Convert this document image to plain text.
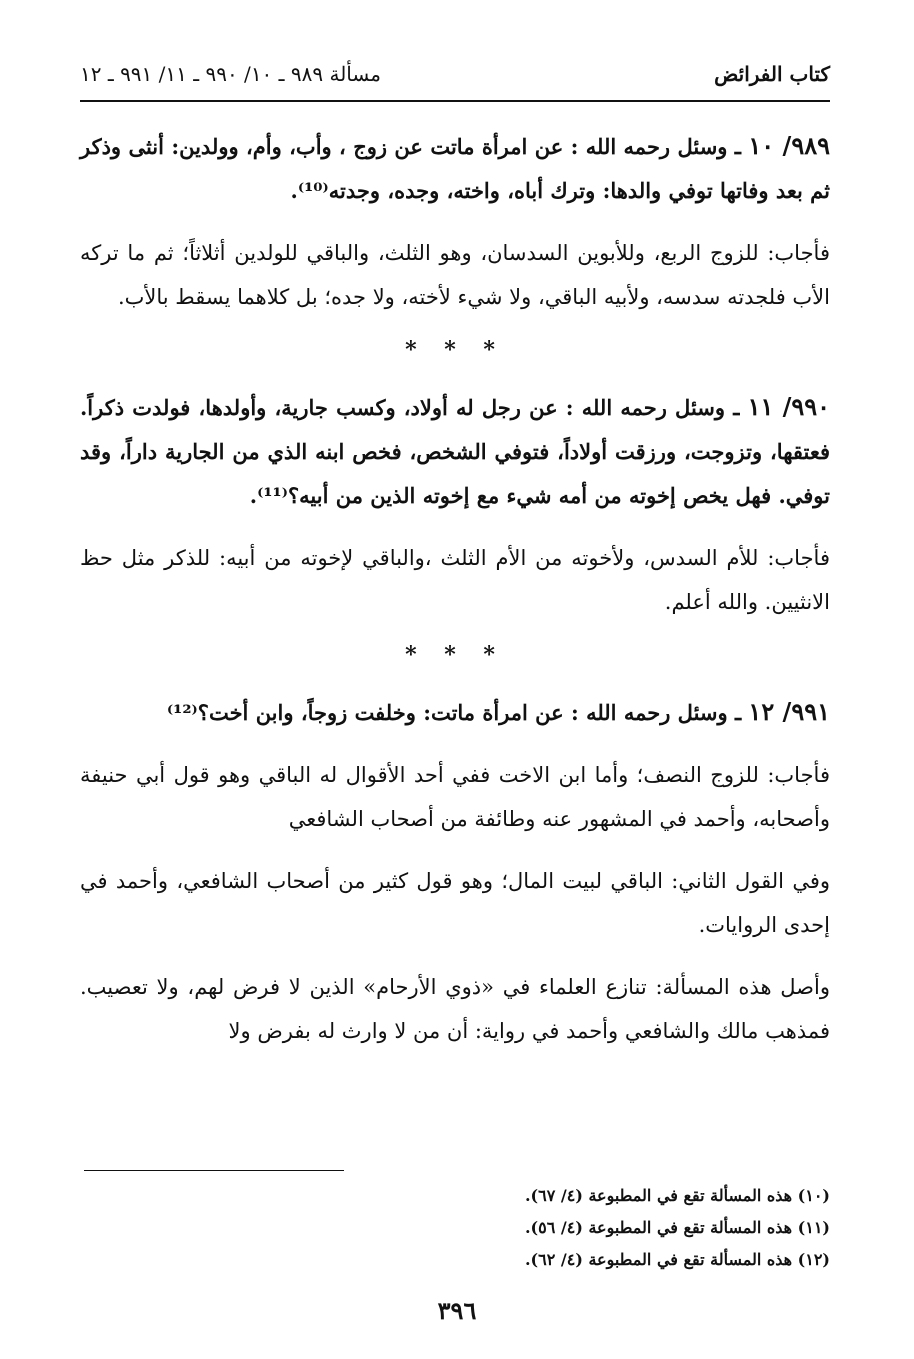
كتاب الفرائض
مسألة ٩٨٩ ـ ١٠/ ٩٩٠ ـ ١١/ ٩٩١ ـ ١٢

٩٨٩/ ١٠ ـ وسئل رحمه الله : عن امرأة ماتت عن زوج ، وأب، وأم، وولدين: أنثى وذكر ثم بعد وفاتها توفي والدها: وترك أباه، واخته، وجده، وجدته⁽¹⁰⁾.

فأجاب: للزوج الربع، وللأبوين السدسان، وهو الثلث، والباقي للولدين أثلاثاً؛ ثم ما تركه الأب فلجدته سدسه، ولأبيه الباقي، ولا شيء لأخته، ولا جده؛ بل كلاهما يسقط بالأب.

* * *

٩٩٠/ ١١ ـ وسئل رحمه الله : عن رجل له أولاد، وكسب جارية، وأولدها، فولدت ذكراً. فعتقها، وتزوجت، ورزقت أولاداً، فتوفي الشخص، فخص ابنه الذي من الجارية داراً، وقد توفي. فهل يخص إخوته من أمه شيء مع إخوته الذين من أبيه؟⁽¹¹⁾.

فأجاب: للأم السدس، ولأخوته من الأم الثلث ،والباقي لإخوته من أبيه: للذكر مثل حظ الانثيين. والله أعلم.

* * *

٩٩١/ ١٢ ـ وسئل رحمه الله : عن امرأة ماتت: وخلفت زوجاً، وابن أخت؟⁽¹²⁾

فأجاب: للزوج النصف؛ وأما ابن الاخت ففي أحد الأقوال له الباقي وهو قول أبي حنيفة وأصحابه، وأحمد في المشهور عنه وطائفة من أصحاب الشافعي

وفي القول الثاني: الباقي لبيت المال؛ وهو قول كثير من أصحاب الشافعي، وأحمد في إحدى الروايات.

وأصل هذه المسألة: تنازع العلماء في «ذوي الأرحام» الذين لا فرض لهم، ولا تعصيب. فمذهب مالك والشافعي وأحمد في رواية: أن من لا وارث له بفرض ولا

(١٠) هذه المسألة تقع في المطبوعة (٤/ ٦٧).
(١١) هذه المسألة تقع في المطبوعة (٤/ ٥٦).
(١٢) هذه المسألة تقع في المطبوعة (٤/ ٦٢).
٣٩٦
